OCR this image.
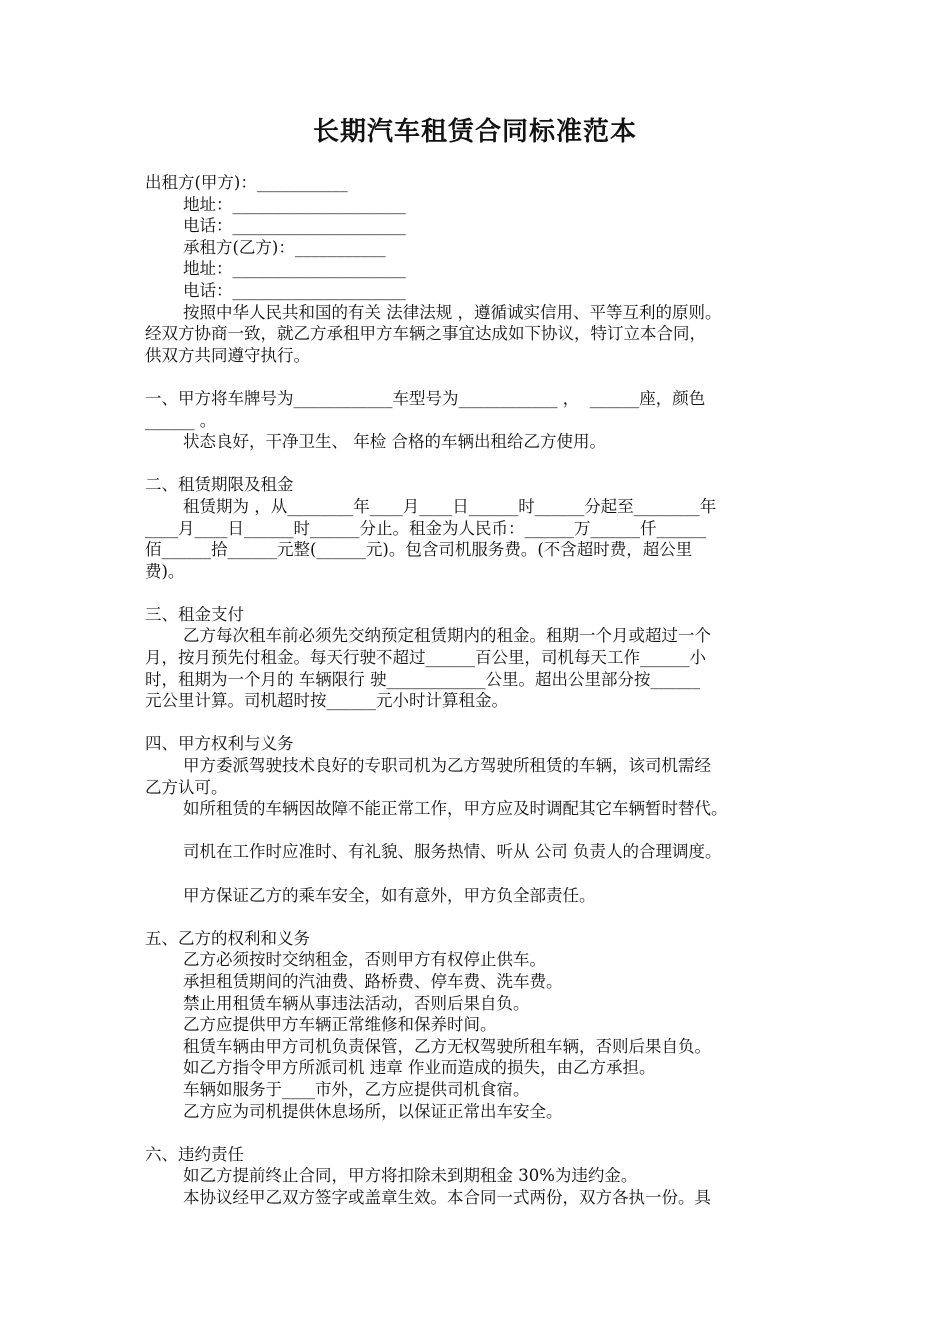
长期汽车租赁合同标准范本
出租方(甲方)：___________
地址：_____________________
电话：_____________________
承租方(乙方)：___________
地址：_____________________
电话：_____________________
按照中华人民共和国的有关 法律法规 ，遵循诚实信用、平等互利的原则。
经双方协商一致，就乙方承租甲方车辆之事宜达成如下协议，特订立本合同，
供双方共同遵守执行。
一、甲方将车牌号为____________车型号为____________ ，  ______座，颜色
______ 。
状态良好，干净卫生、 年检 合格的车辆出租给乙方使用。
二、租赁期限及租金
租赁期为 ，从________年____月____日______时______分起至________年
____月____日______时______分止。租金为人民币：______万______仟______
佰______拾______元整(______元)。包含司机服务费。(不含超时费，超公里
费)。
三、租金支付
乙方每次租车前必须先交纳预定租赁期内的租金。租期一个月或超过一个
月，按月预先付租金。每天行驶不超过______百公里，司机每天工作______小
时，租期为一个月的 车辆限行 驶____________公里。超出公里部分按______
元公里计算。司机超时按______元小时计算租金。
四、甲方权利与义务
甲方委派驾驶技术良好的专职司机为乙方驾驶所租赁的车辆，该司机需经
乙方认可。
如所租赁的车辆因故障不能正常工作，甲方应及时调配其它车辆暂时替代。
司机在工作时应准时、有礼貌、服务热情、听从 公司 负责人的合理调度。
甲方保证乙方的乘车安全，如有意外，甲方负全部责任。
五、乙方的权利和义务
乙方必须按时交纳租金，否则甲方有权停止供车。
承担租赁期间的汽油费、路桥费、停车费、洗车费。
禁止用租赁车辆从事违法活动，否则后果自负。
乙方应提供甲方车辆正常维修和保养时间。
租赁车辆由甲方司机负责保管，乙方无权驾驶所租车辆，否则后果自负。
如乙方指令甲方所派司机 违章 作业而造成的损失，由乙方承担。
车辆如服务于____市外，乙方应提供司机食宿。
乙方应为司机提供休息场所，以保证正常出车安全。
六、违约责任
如乙方提前终止合同，甲方将扣除未到期租金 30%为违约金。
本协议经甲乙双方签字或盖章生效。本合同一式两份，双方各执一份。具
